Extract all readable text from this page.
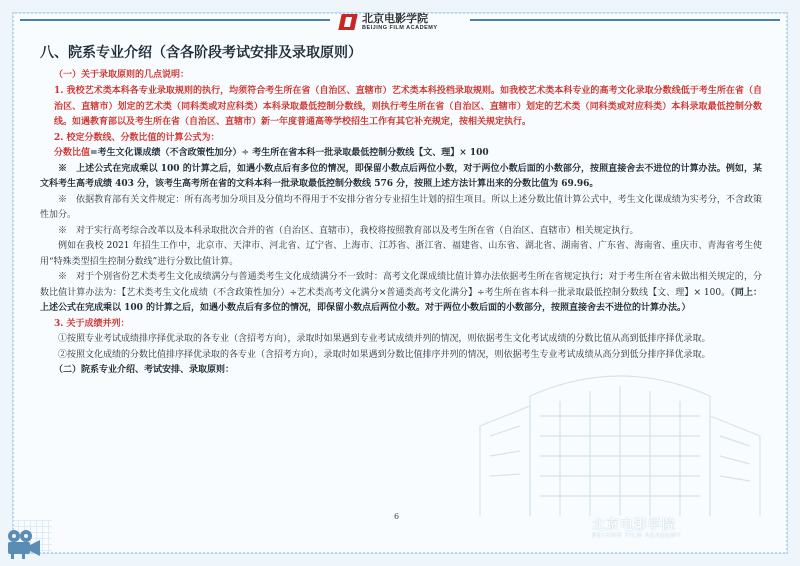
北京电影学院
BEIJING FILM ACADEMY
八、院系专业介绍（含各阶段考试安排及录取原则）

（一）关于录取原则的几点说明：

1. 我校艺术类本科各专业录取规则的执行，均须符合考生所在省（自治区、直辖市）艺术类本科投档录取规则。如我校艺术类本科专业的高考文化录取分数线低于考生所在省（自治区、直辖市）划定的艺术类（同科类或对应科类）本科录取最低控制分数线，则执行考生所在省（自治区、直辖市）划定的艺术类（同科类或对应科类）本科录取最低控制分数线。如遇教育部以及考生所在省（自治区、直辖市）新一年度普通高等学校招生工作有其它补充规定，按相关规定执行。

2. 校定分数线、分数比值的计算公式为：

分数比值=考生文化课成绩（不含政策性加分）÷ 考生所在省本科一批录取最低控制分数线【文、理】× 100

※　上述公式在完成乘以 100 的计算之后，如遇小数点后有多位的情况，即保留小数点后两位小数，对于两位小数后面的小数部分，按照直接舍去不进位的计算办法。例如，某文科考生高考成绩 403 分，该考生高考所在省的文科本科一批录取最低控制分数线 576 分，按照上述方法计算出来的分数比值为 69.96。

※　依据教育部有关文件规定：所有高考加分项目及分值均不得用于不安排分省分专业招生计划的招生项目。所以上述分数比值计算公式中，考生文化课成绩为实考分，不含政策性加分。

※　对于实行高考综合改革以及本科录取批次合并的省（自治区、直辖市），我校将按照教育部以及考生所在省（自治区、直辖市）相关规定执行。

例如在我校 2021 年招生工作中，北京市、天津市、河北省、辽宁省、上海市、江苏省、浙江省、福建省、山东省、湖北省、湖南省、广东省、海南省、重庆市、青海省考生使用“特殊类型招生控制分数线”进行分数比值计算。

※　对于个别省份艺术类考生文化成绩满分与普通类考生文化成绩满分不一致时：高考文化课成绩比值计算办法依据考生所在省规定执行；对于考生所在省未做出相关规定的，分数比值计算办法为：【艺术类考生文化成绩（不含政策性加分）÷艺术类高考文化满分×普通类高考文化满分】÷考生所在省本科一批录取最低控制分数线【文、理】× 100。（同上：上述公式在完成乘以 100 的计算之后，如遇小数点后有多位的情况，即保留小数点后两位小数。对于两位小数后面的小数部分，按照直接舍去不进位的计算办法。）

3. 关于成绩并列：

①按照专业考试成绩排序择优录取的各专业（含招考方向），录取时如果遇到专业考试成绩并列的情况，则依据考生文化考试成绩的分数比值从高到低排序择优录取。

②按照文化成绩的分数比值排序择优录取的各专业（含招考方向），录取时如果遇到分数比值排序并列的情况，则依据考生专业考试成绩从高分到低分排序择优录取。

（二）院系专业介绍、考试安排、录取原则：

6
北京电影学院
BEIJING FILM ACADEMY
